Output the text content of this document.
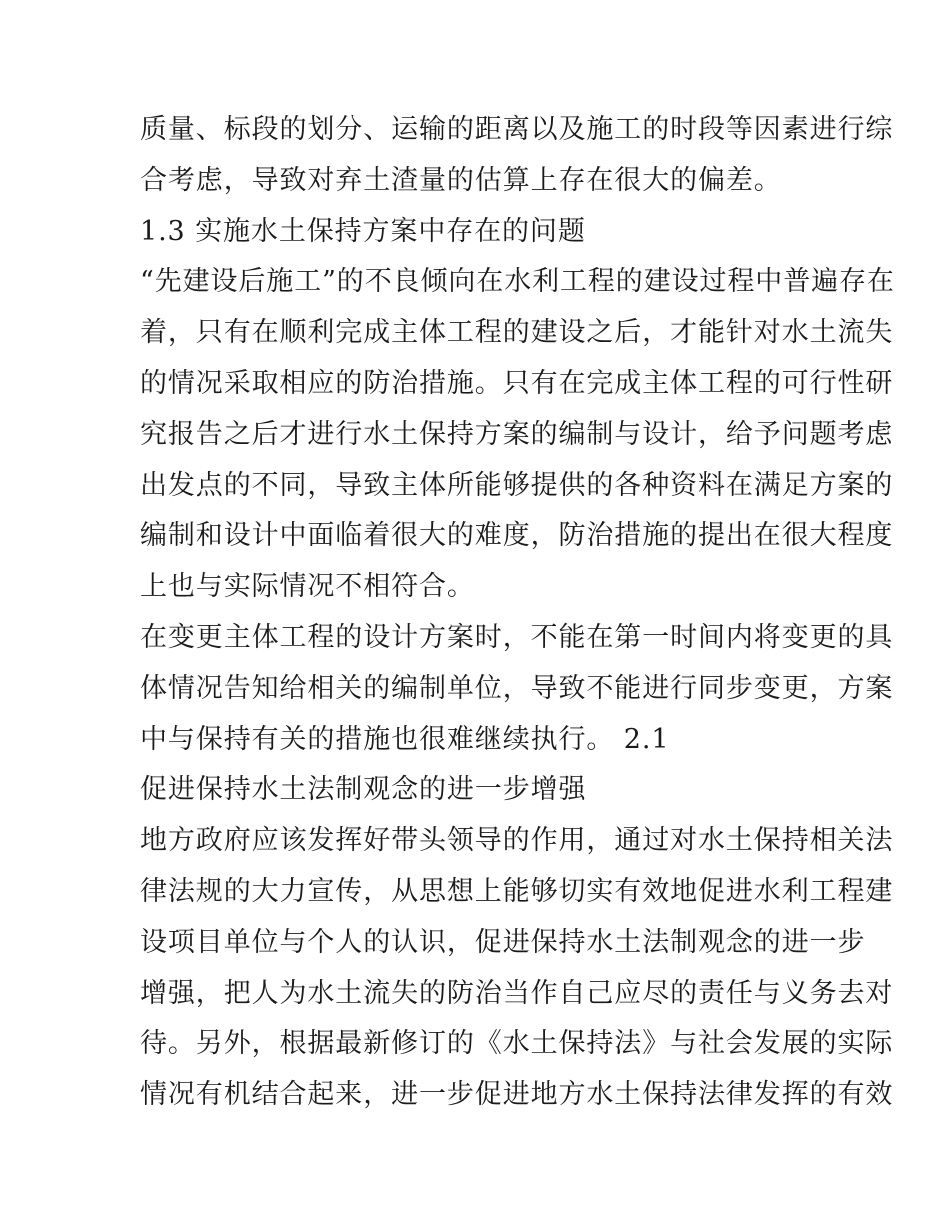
质量、标段的划分、运输的距离以及施工的时段等因素进行综
合考虑，导致对弃土渣量的估算上存在很大的偏差。
1.3 实施水土保持方案中存在的问题
“先建设后施工”的不良倾向在水利工程的建设过程中普遍存在
着，只有在顺利完成主体工程的建设之后，才能针对水土流失
的情况采取相应的防治措施。只有在完成主体工程的可行性研
究报告之后才进行水土保持方案的编制与设计，给予问题考虑
出发点的不同，导致主体所能够提供的各种资料在满足方案的
编制和设计中面临着很大的难度，防治措施的提出在很大程度
上也与实际情况不相符合。
在变更主体工程的设计方案时，不能在第一时间内将变更的具
体情况告知给相关的编制单位，导致不能进行同步变更，方案
中与保持有关的措施也很难继续执行。 2.1
促进保持水土法制观念的进一步增强
地方政府应该发挥好带头领导的作用，通过对水土保持相关法
律法规的大力宣传，从思想上能够切实有效地促进水利工程建
设项目单位与个人的认识，促进保持水土法制观念的进一步
增强，把人为水土流失的防治当作自己应尽的责任与义务去对
待。另外，根据最新修订的《水土保持法》与社会发展的实际
情况有机结合起来，进一步促进地方水土保持法律发挥的有效
